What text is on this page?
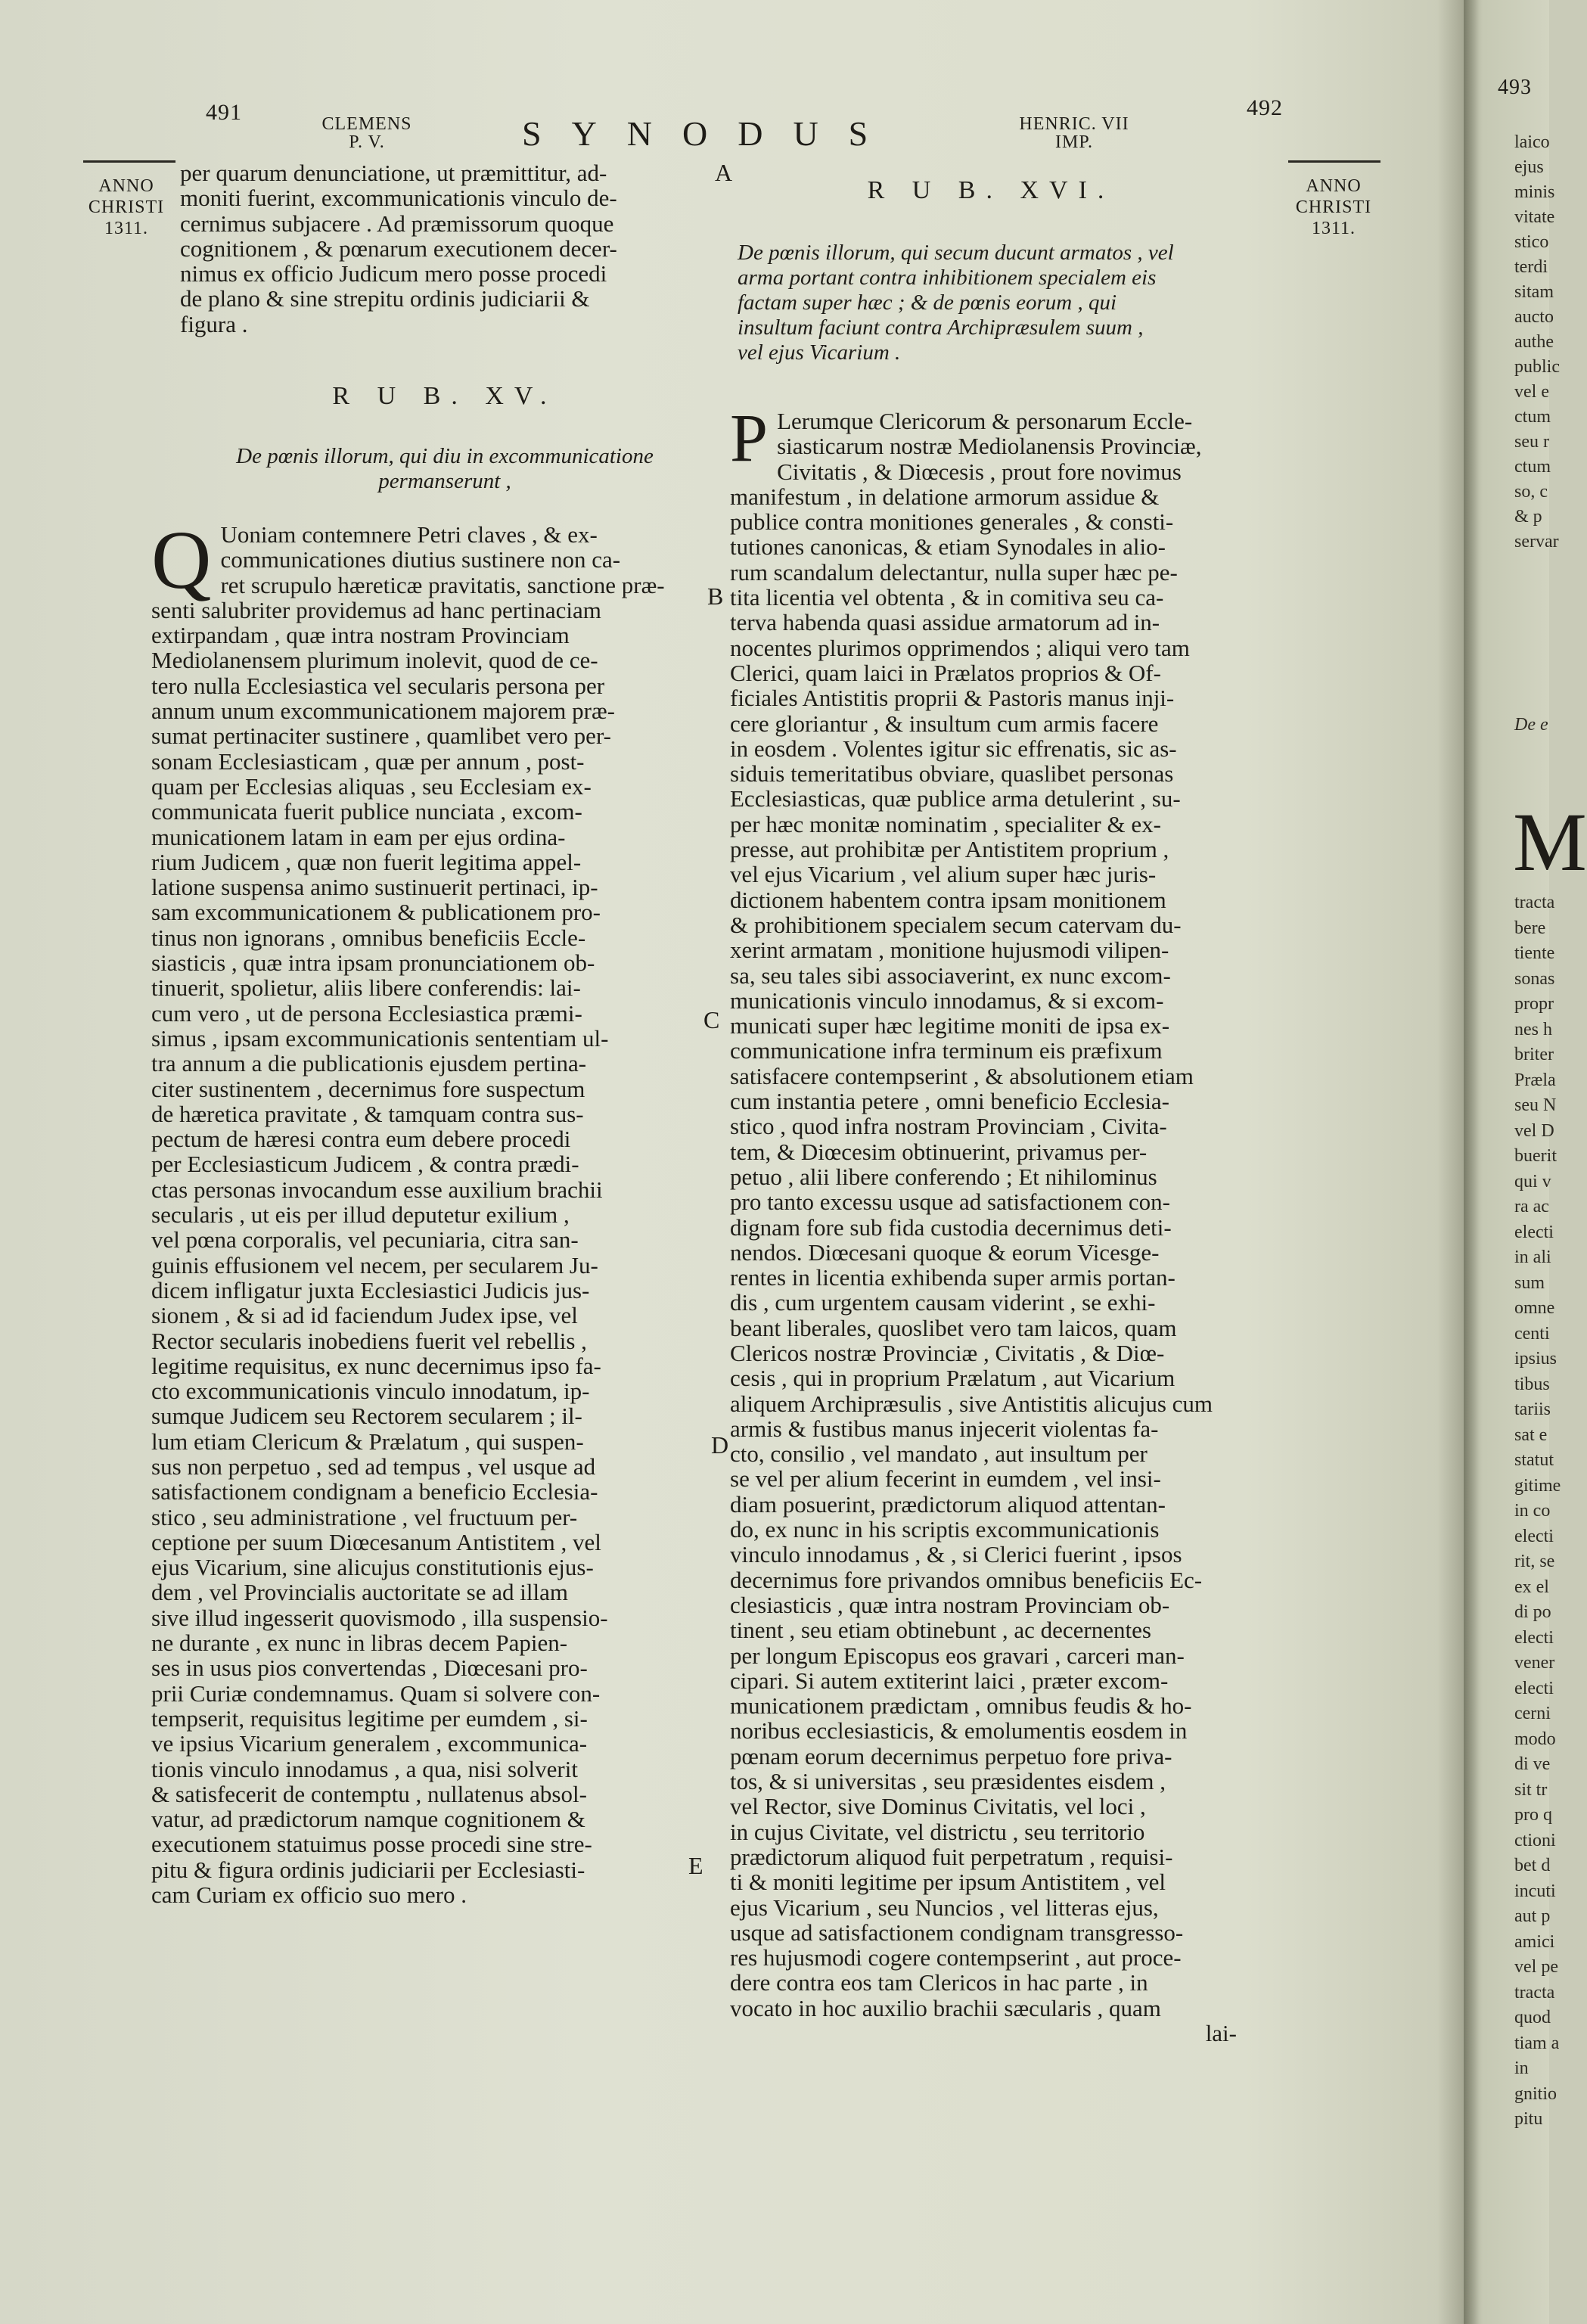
491	CLEMENS
P. V.	SYNODUS	HENRIC. VII
IMP.
492
ANNO
CHRISTI
1311.
ANNO
CHRISTI
1311.

per quarum denunciatione, ut præmittitur, ad-

moniti fuerint, excommunicationis vinculo de-

cernimus subjacere . Ad præmissorum quoque

cognitionem , & pœnarum executionem decer-

nimus ex officio Judicum mero posse procedi

de plano & sine strepitu ordinis judiciarii &

figura .

R U B. XV.
De pœnis illorum, qui diu in excommunicatione
permanserunt ,
Q Uoniam contemnere Petri claves , & ex-

communicationes diutius sustinere non ca-

ret scrupulo hæreticæ pravitatis, sanctione præ-

senti salubriter providemus ad hanc pertinaciam

extirpandam , quæ intra nostram Provinciam

Mediolanensem plurimum inolevit, quod de ce-

tero nulla Ecclesiastica vel secularis persona per

annum unum excommunicationem majorem præ-

sumat pertinaciter sustinere , quamlibet vero per-

sonam Ecclesiasticam , quæ per annum , post-

quam per Ecclesias aliquas , seu Ecclesiam ex-

communicata fuerit publice nunciata , excom-

municationem latam in eam per ejus ordina-

rium Judicem , quæ non fuerit legitima appel-

latione suspensa animo sustinuerit pertinaci, ip-

sam excommunicationem & publicationem pro-

tinus non ignorans , omnibus beneficiis Eccle-

siasticis , quæ intra ipsam pronunciationem ob-

tinuerit, spolietur, aliis libere conferendis: lai-

cum vero , ut de persona Ecclesiastica præmi-

simus , ipsam excommunicationis sententiam ul-

tra annum a die publicationis ejusdem pertina-

citer sustinentem , decernimus fore suspectum

de hæretica pravitate , & tamquam contra sus-

pectum de hæresi contra eum debere procedi

per Ecclesiasticum Judicem , & contra prædi-

ctas personas invocandum esse auxilium brachii

secularis , ut eis per illud deputetur exilium ,

vel pœna corporalis, vel pecuniaria, citra san-

guinis effusionem vel necem, per secularem Ju-

dicem infligatur juxta Ecclesiastici Judicis jus-

sionem , & si ad id faciendum Judex ipse, vel

Rector secularis inobediens fuerit vel rebellis ,

legitime requisitus, ex nunc decernimus ipso fa-

cto excommunicationis vinculo innodatum, ip-

sumque Judicem seu Rectorem secularem ; il-

lum etiam Clericum & Prælatum , qui suspen-

sus non perpetuo , sed ad tempus , vel usque ad

satisfactionem condignam a beneficio Ecclesia-

stico , seu administratione , vel fructuum per-

ceptione per suum Diœcesanum Antistitem , vel

ejus Vicarium, sine alicujus constitutionis ejus-

dem , vel Provincialis auctoritate se ad illam

sive illud ingesserit quovismodo , illa suspensio-

ne durante , ex nunc in libras decem Papien-

ses in usus pios convertendas , Diœcesani pro-

prii Curiæ condemnamus. Quam si solvere con-

tempserit, requisitus legitime per eumdem , si-

ve ipsius Vicarium generalem , excommunica-

tionis vinculo innodamus , a qua, nisi solverit

& satisfecerit de contemptu , nullatenus absol-

vatur, ad prædictorum namque cognitionem &

executionem statuimus posse procedi sine stre-

pitu & figura ordinis judiciarii per Ecclesiasti-

cam Curiam ex officio suo mero .

A
B
C
D
E
R U B. XVI.
De pœnis illorum, qui secum ducunt armatos , vel
arma portant contra inhibitionem specialem eis
factam super hæc ; & de pœnis eorum , qui
insultum faciunt contra Archipræsulem suum ,
vel ejus Vicarium .
P Lerumque Clericorum & personarum Eccle-

siasticarum nostræ Mediolanensis Provinciæ,

Civitatis , & Diœcesis , prout fore novimus

manifestum , in delatione armorum assidue &

publice contra monitiones generales , & consti-

tutiones canonicas, & etiam Synodales in alio-

rum scandalum delectantur, nulla super hæc pe-

tita licentia vel obtenta , & in comitiva seu ca-

terva habenda quasi assidue armatorum ad in-

nocentes plurimos opprimendos ; aliqui vero tam

Clerici, quam laici in Prælatos proprios & Of-

ficiales Antistitis proprii & Pastoris manus inji-

cere gloriantur , & insultum cum armis facere

in eosdem . Volentes igitur sic effrenatis, sic as-

siduis temeritatibus obviare, quaslibet personas

Ecclesiasticas, quæ publice arma detulerint , su-

per hæc monitæ nominatim , specialiter & ex-

presse, aut prohibitæ per Antistitem proprium ,

vel ejus Vicarium , vel alium super hæc juris-

dictionem habentem contra ipsam monitionem

& prohibitionem specialem secum catervam du-

xerint armatam , monitione hujusmodi vilipen-

sa, seu tales sibi associaverint, ex nunc excom-

municationis vinculo innodamus, & si excom-

municati super hæc legitime moniti de ipsa ex-

communicatione infra terminum eis præfixum

satisfacere contempserint , & absolutionem etiam

cum instantia petere , omni beneficio Ecclesia-

stico , quod infra nostram Provinciam , Civita-

tem, & Diœcesim obtinuerint, privamus per-

petuo , alii libere conferendo ; Et nihilominus

pro tanto excessu usque ad satisfactionem con-

dignam fore sub fida custodia decernimus deti-

nendos. Diœcesani quoque & eorum Vicesge-

rentes in licentia exhibenda super armis portan-

dis , cum urgentem causam viderint , se exhi-

beant liberales, quoslibet vero tam laicos, quam

Clericos nostræ Provinciæ , Civitatis , & Diœ-

cesis , qui in proprium Prælatum , aut Vicarium

aliquem Archipræsulis , sive Antistitis alicujus cum

armis & fustibus manus injecerit violentas fa-

cto, consilio , vel mandato , aut insultum per

se vel per alium fecerint in eumdem , vel insi-

diam posuerint, prædictorum aliquod attentan-

do, ex nunc in his scriptis excommunicationis

vinculo innodamus , & , si Clerici fuerint , ipsos

decernimus fore privandos omnibus beneficiis Ec-

clesiasticis , quæ intra nostram Provinciam ob-

tinent , seu etiam obtinebunt , ac decernentes

per longum Episcopus eos gravari , carceri man-

cipari. Si autem extiterint laici , præter excom-

municationem prædictam , omnibus feudis & ho-

noribus ecclesiasticis, & emolumentis eosdem in

pœnam eorum decernimus perpetuo fore priva-

tos, & si universitas , seu præsidentes eisdem ,

vel Rector, sive Dominus Civitatis, vel loci ,

in cujus Civitate, vel districtu , seu territorio

prædictorum aliquod fuit perpetratum , requisi-

ti & moniti legitime per ipsum Antistitem , vel

ejus Vicarium , seu Nuncios , vel litteras ejus,

usque ad satisfactionem condignam transgresso-

res hujusmodi cogere contempserint , aut proce-

dere contra eos tam Clericos in hac parte , in

vocato in hoc auxilio brachii sæcularis , quam

lai-

493
M
laico
ejus
minis
vitate
stico
terdi
sitam
aucto
authe
public
vel e
ctum
seu r
ctum
so, c
& p
servar
De e
tracta
bere
tiente
sonas
propr
nes h
briter
Præla
seu N
vel D
buerit
qui v
ra ac
electi
in ali
sum
omne
centi
ipsius
tibus
tariis
sat e
statut
gitime
in co
electi
rit, se
ex el
di po
electi
vener
electi
cerni
modo
di ve
sit tr
pro q
ctioni
bet d
incuti
aut p
amici
vel pe
tracta
quod
tiam a
in
gnitio
pitu
